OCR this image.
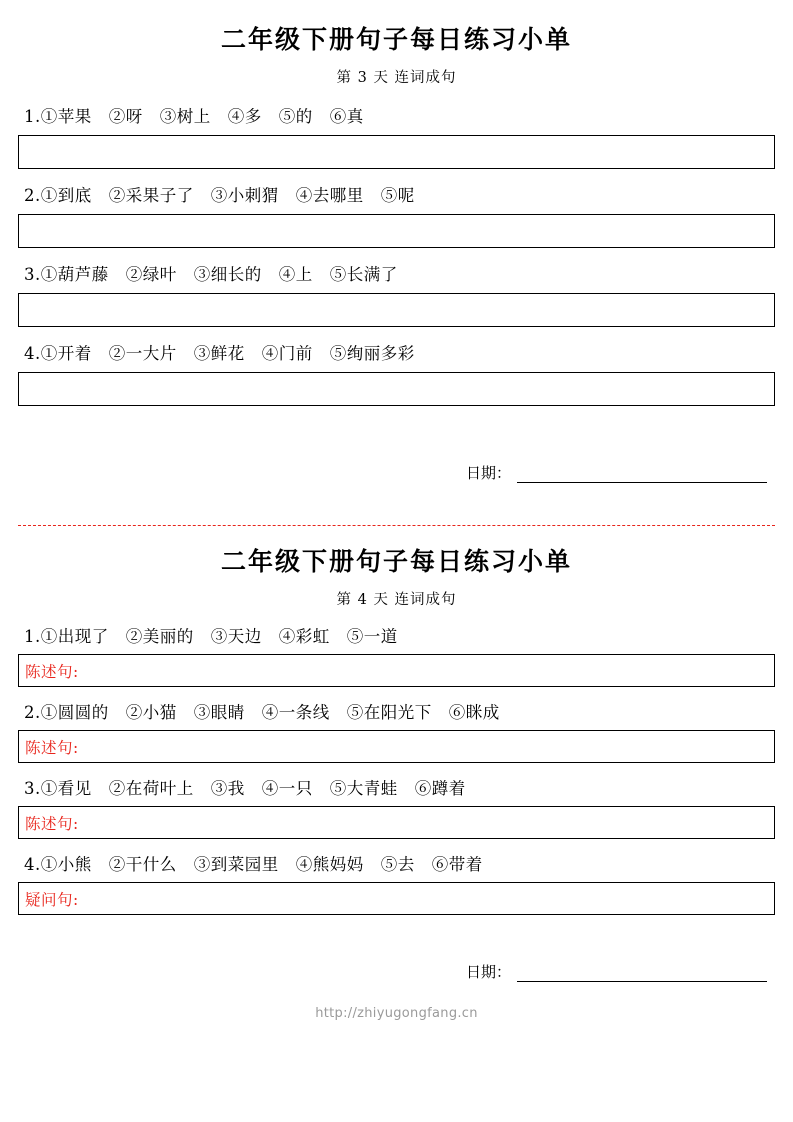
二年级下册句子每日练习小单
第 3 天 连词成句
1.①苹果　②呀　③树上　④多　⑤的　⑥真
2.①到底　②采果子了　③小刺猬　④去哪里　⑤呢
3.①葫芦藤　②绿叶　③细长的　④上　⑤长满了
4.①开着　②一大片　③鲜花　④门前　⑤绚丽多彩
日期：
二年级下册句子每日练习小单
第 4 天 连词成句
1.①出现了　②美丽的　③天边　④彩虹　⑤一道
陈述句:
2.①圆圆的　②小猫　③眼睛　④一条线　⑤在阳光下　⑥眯成
陈述句:
3.①看见　②在荷叶上　③我　④一只　⑤大青蛙　⑥蹲着
陈述句:
4.①小熊　②干什么　③到菜园里　④熊妈妈　⑤去　⑥带着
疑问句:
日期：
http://zhiyugongfang.cn
